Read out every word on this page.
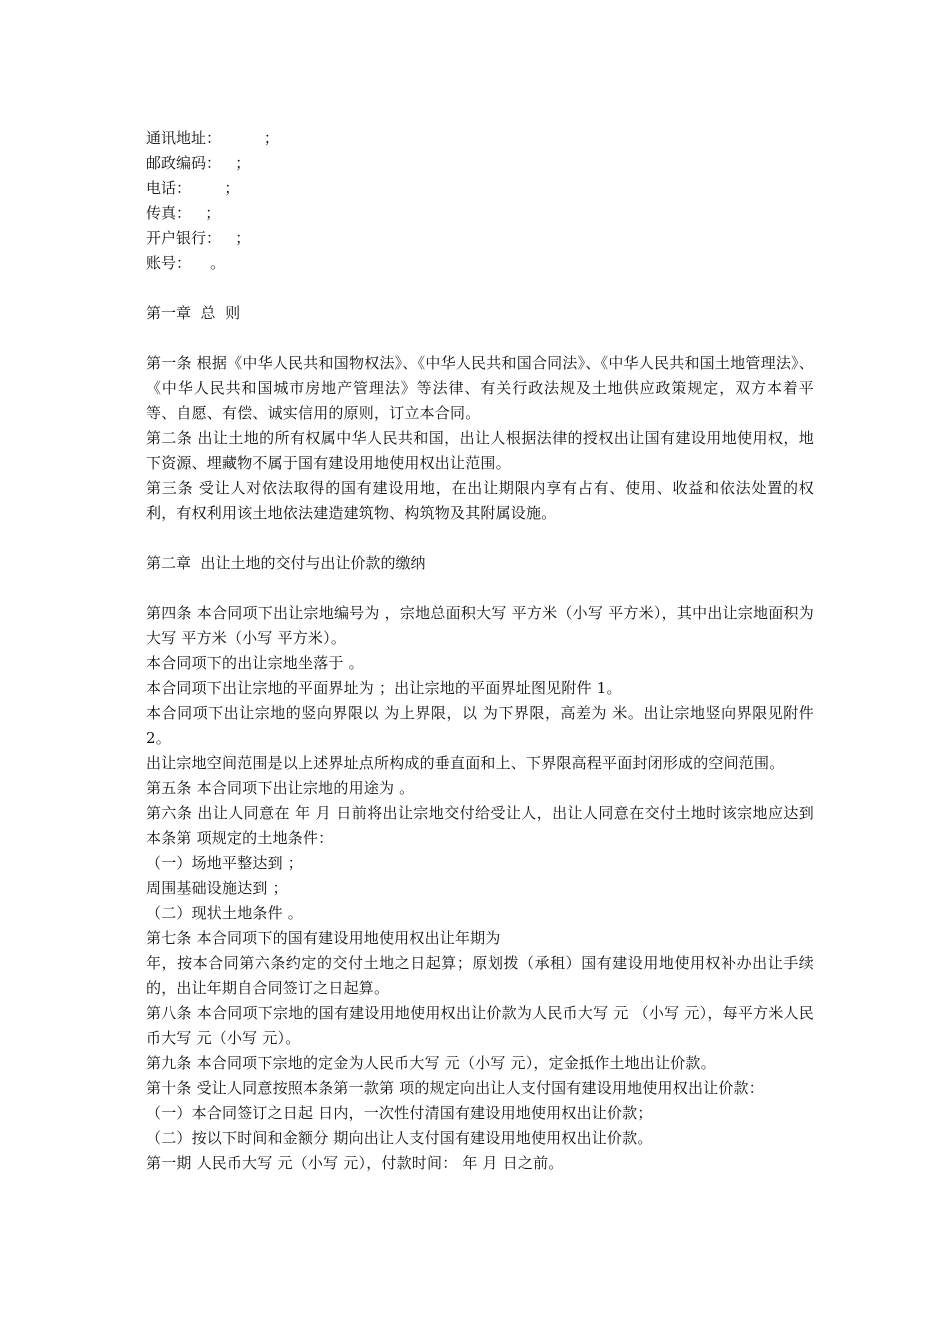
通讯地址：         ；
邮政编码：   ；
电话：       ；
传真：   ；
开户银行：   ；
账号：    。
第一章  总  则
第一条 根据《中华人民共和国物权法》、《中华人民共和国合同法》、《中华人民共和国土地管理法》、《中华人民共和国城市房地产管理法》等法律、有关行政法规及土地供应政策规定，双方本着平等、自愿、有偿、诚实信用的原则，订立本合同。
第二条 出让土地的所有权属中华人民共和国，出让人根据法律的授权出让国有建设用地使用权，地下资源、埋藏物不属于国有建设用地使用权出让范围。
第三条 受让人对依法取得的国有建设用地，在出让期限内享有占有、使用、收益和依法处置的权利，有权利用该土地依法建造建筑物、构筑物及其附属设施。
第二章  出让土地的交付与出让价款的缴纳
第四条 本合同项下出让宗地编号为 ，宗地总面积大写 平方米（小写 平方米），其中出让宗地面积为大写 平方米（小写 平方米）。
本合同项下的出让宗地坐落于 。
本合同项下出让宗地的平面界址为 ；出让宗地的平面界址图见附件 1。
本合同项下出让宗地的竖向界限以 为上界限，以 为下界限，高差为 米。出让宗地竖向界限见附件 2。
出让宗地空间范围是以上述界址点所构成的垂直面和上、下界限高程平面封闭形成的空间范围。
第五条 本合同项下出让宗地的用途为 。
第六条 出让人同意在 年 月 日前将出让宗地交付给受让人，出让人同意在交付土地时该宗地应达到本条第 项规定的土地条件：
（一）场地平整达到 ；
周围基础设施达到 ；
（二）现状土地条件 。
第七条 本合同项下的国有建设用地使用权出让年期为
年，按本合同第六条约定的交付土地之日起算；原划拨（承租）国有建设用地使用权补办出让手续的，出让年期自合同签订之日起算。
第八条 本合同项下宗地的国有建设用地使用权出让价款为人民币大写 元 （小写 元），每平方米人民币大写 元（小写 元）。
第九条 本合同项下宗地的定金为人民币大写 元（小写 元），定金抵作土地出让价款。
第十条 受让人同意按照本条第一款第 项的规定向出让人支付国有建设用地使用权出让价款：
（一）本合同签订之日起 日内，一次性付清国有建设用地使用权出让价款；
（二）按以下时间和金额分 期向出让人支付国有建设用地使用权出让价款。
第一期 人民币大写 元（小写 元），付款时间： 年 月 日之前。
